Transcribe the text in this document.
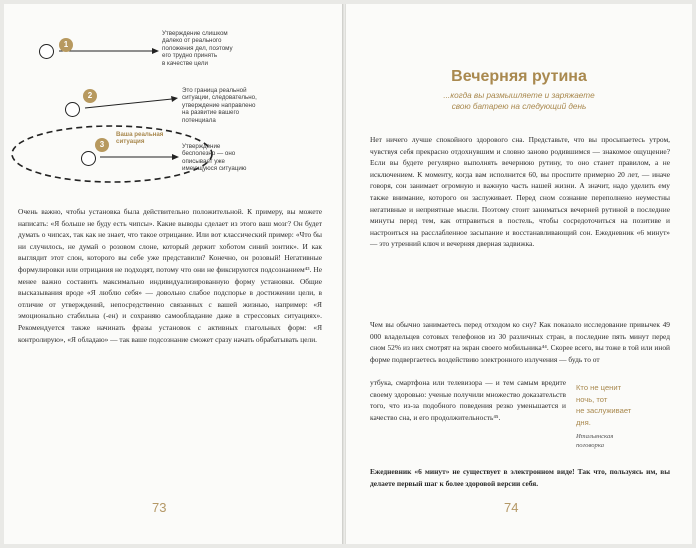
1
2
3
Ваша реальная
ситуация
Утверждение слишком
далеко от реального
положения дел, поэтому
его трудно принять
в качестве цели
Это граница реальной
ситуации, следовательно,
утверждение направлено
на развитие вашего
потенциала
Утверждение
бесполезно — оно
описывает уже
имеющуюся ситуацию
Очень важно, чтобы установка была действительно положительной. К примеру, вы можете написать: «Я больше не буду есть чипсы». Какие выводы сделает из этого ваш мозг? Он будет думать о чипсах, так как не знает, что такое отрицание. Или вот классический пример: «Что бы ни случилось, не думай о розовом слоне, который держит хоботом синий зонтик». И как выглядит этот слон, которого вы себе уже представили? Конечно, он розовый! Негативные формулировки или отрицания не подходят, потому что они не фиксируются подсознанием⁴³. Не менее важно составить максимально индивидуализированную форму установки. Общие высказывания вроде «Я люблю себя» — довольно слабое подспорье в достижении цели, в отличие от утверждений, непосредственно связанных с вашей жизнью, например: «Я эмоционально стабильна (-ен) и сохраняю самообладание даже в стрессовых ситуациях». Рекомендуется также начинать фразы установок с активных глагольных форм: «Я контролирую», «Я обладаю» — так ваше подсознание сможет сразу начать обрабатывать цели.
73
Вечерняя рутина
...когда вы размышляете и заряжаете
свою батарею на следующий день
Нет ничего лучше спокойного здорового сна. Представьте, что вы просыпаетесь утром, чувствуя себя прекрасно отдохнувшим и словно заново родившимся — знакомое ощущение? Если вы будете регулярно выполнять вечернюю рутину, то оно станет правилом, а не исключением. К моменту, когда вам исполнится 60, вы проспите примерно 20 лет, — иначе говоря, сон занимает огромную и важную часть нашей жизни. А значит, надо уделить ему также внимание, которого он заслуживает. Перед сном сознание переполнено неуместны негативные и неприятные мысли. Поэтому стоит заниматься вечерней рутиной в последние минуты перед тем, как отправиться в постель, чтобы сосредоточиться на позитиве и настроиться на расслабленное засыпание и восстанавливающий сон. Ежедневник «6 минут» — это утренний ключ и вечерняя дверная задвижка.
Чем вы обычно занимаетесь перед отходом ко сну? Как показало исследование привычек 49 000 владельцев сотовых телефонов из 30 различных стран, в последние пять минут перед сном 52% из них смотрят на экран своего мобильника⁴⁴. Скорее всего, вы тоже в той или иной форме подвергаетесь воздействию электронного излучения — будь то от
утбука, смартфона или телевизора — и тем самым вредите своему здоровью: ученые получили множество доказательств того, что из-за подобного поведения резко уменьшается и качество сна, и его продолжительность⁴⁵.
Кто не ценит
ночь, тот
не заслуживает
дня.
Итальянская
поговорка
Ежедневник «6 минут» не существует в электронном виде! Так что, пользуясь им, вы делаете первый шаг к более здоровой версии себя.
74
